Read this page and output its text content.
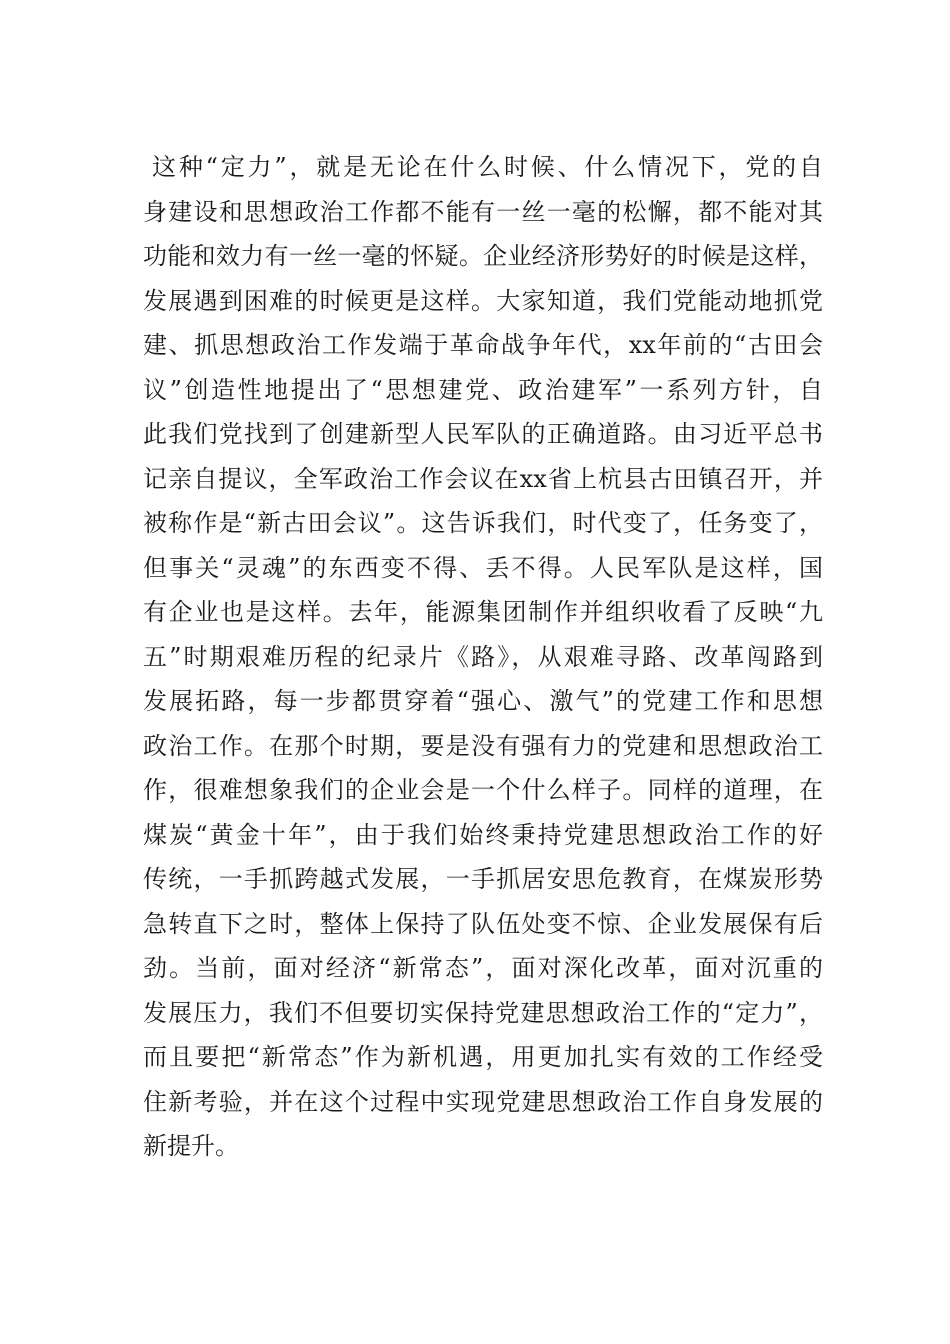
这种“定力”，就是无论在什么时候、什么情况下，党的自
身建设和思想政治工作都不能有一丝一毫的松懈，都不能对其
功能和效力有一丝一毫的怀疑。企业经济形势好的时候是这样，
发展遇到困难的时候更是这样。大家知道，我们党能动地抓党
建、抓思想政治工作发端于革命战争年代，xx年前的“古田会
议”创造性地提出了“思想建党、政治建军”一系列方针，自
此我们党找到了创建新型人民军队的正确道路。由习近平总书
记亲自提议，全军政治工作会议在xx省上杭县古田镇召开，并
被称作是“新古田会议”。这告诉我们，时代变了，任务变了，
但事关“灵魂”的东西变不得、丢不得。人民军队是这样，国
有企业也是这样。去年，能源集团制作并组织收看了反映“九
五”时期艰难历程的纪录片《路》，从艰难寻路、改革闯路到
发展拓路，每一步都贯穿着“强心、激气”的党建工作和思想
政治工作。在那个时期，要是没有强有力的党建和思想政治工
作，很难想象我们的企业会是一个什么样子。同样的道理，在
煤炭“黄金十年”，由于我们始终秉持党建思想政治工作的好
传统，一手抓跨越式发展，一手抓居安思危教育，在煤炭形势
急转直下之时，整体上保持了队伍处变不惊、企业发展保有后
劲。当前，面对经济“新常态”，面对深化改革，面对沉重的
发展压力，我们不但要切实保持党建思想政治工作的“定力”，
而且要把“新常态”作为新机遇，用更加扎实有效的工作经受
住新考验，并在这个过程中实现党建思想政治工作自身发展的
新提升。
